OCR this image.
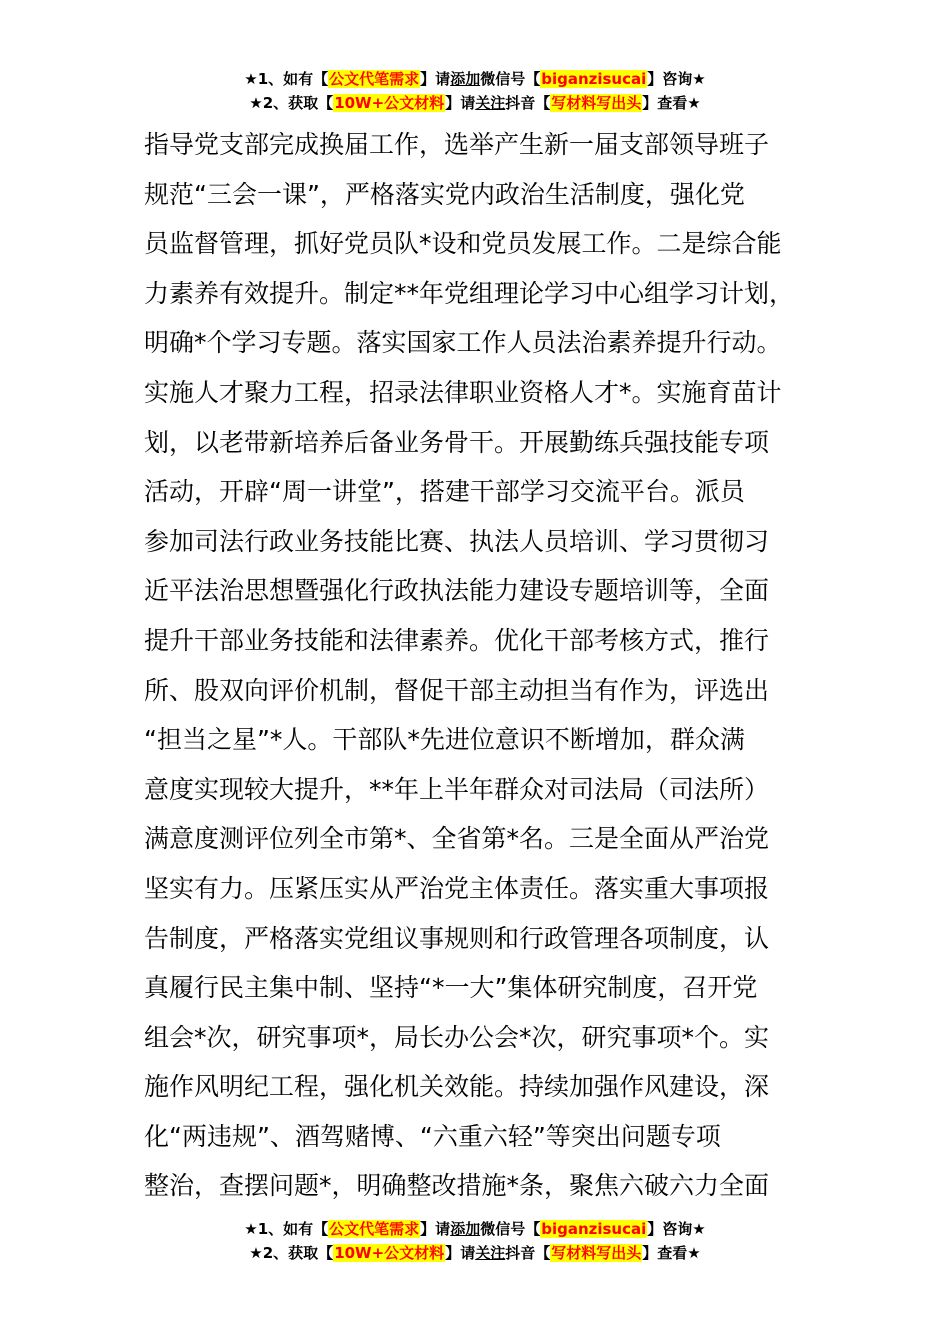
★1、如有【公文代笔需求】请添加微信号【biganzisucai】咨询★
★2、获取【10W+公文材料】请关注抖音【写材料写出头】查看★
指导党支部完成换届工作，选举产生新一届支部领导班子
规范“三会一课”，严格落实党内政治生活制度，强化党
员监督管理，抓好党员队*设和党员发展工作。二是综合能
力素养有效提升。制定**年党组理论学习中心组学习计划，
明确*个学习专题。落实国家工作人员法治素养提升行动。
实施人才聚力工程，招录法律职业资格人才*。实施育苗计
划，以老带新培养后备业务骨干。开展勤练兵强技能专项
活动，开辟“周一讲堂”，搭建干部学习交流平台。派员
参加司法行政业务技能比赛、执法人员培训、学习贯彻习
近平法治思想暨强化行政执法能力建设专题培训等，全面
提升干部业务技能和法律素养。优化干部考核方式，推行
所、股双向评价机制，督促干部主动担当有作为，评选出
“担当之星”*人。干部队*先进位意识不断增加，群众满
意度实现较大提升，**年上半年群众对司法局（司法所）
满意度测评位列全市第*、全省第*名。三是全面从严治党
坚实有力。压紧压实从严治党主体责任。落实重大事项报
告制度，严格落实党组议事规则和行政管理各项制度，认
真履行民主集中制、坚持“*一大”集体研究制度，召开党
组会*次，研究事项*，局长办公会*次，研究事项*个。实
施作风明纪工程，强化机关效能。持续加强作风建设，深
化“两违规”、酒驾赌博、“六重六轻”等突出问题专项
整治，查摆问题*，明确整改措施*条，聚焦六破六力全面
★1、如有【公文代笔需求】请添加微信号【biganzisucai】咨询★
★2、获取【10W+公文材料】请关注抖音【写材料写出头】查看★
